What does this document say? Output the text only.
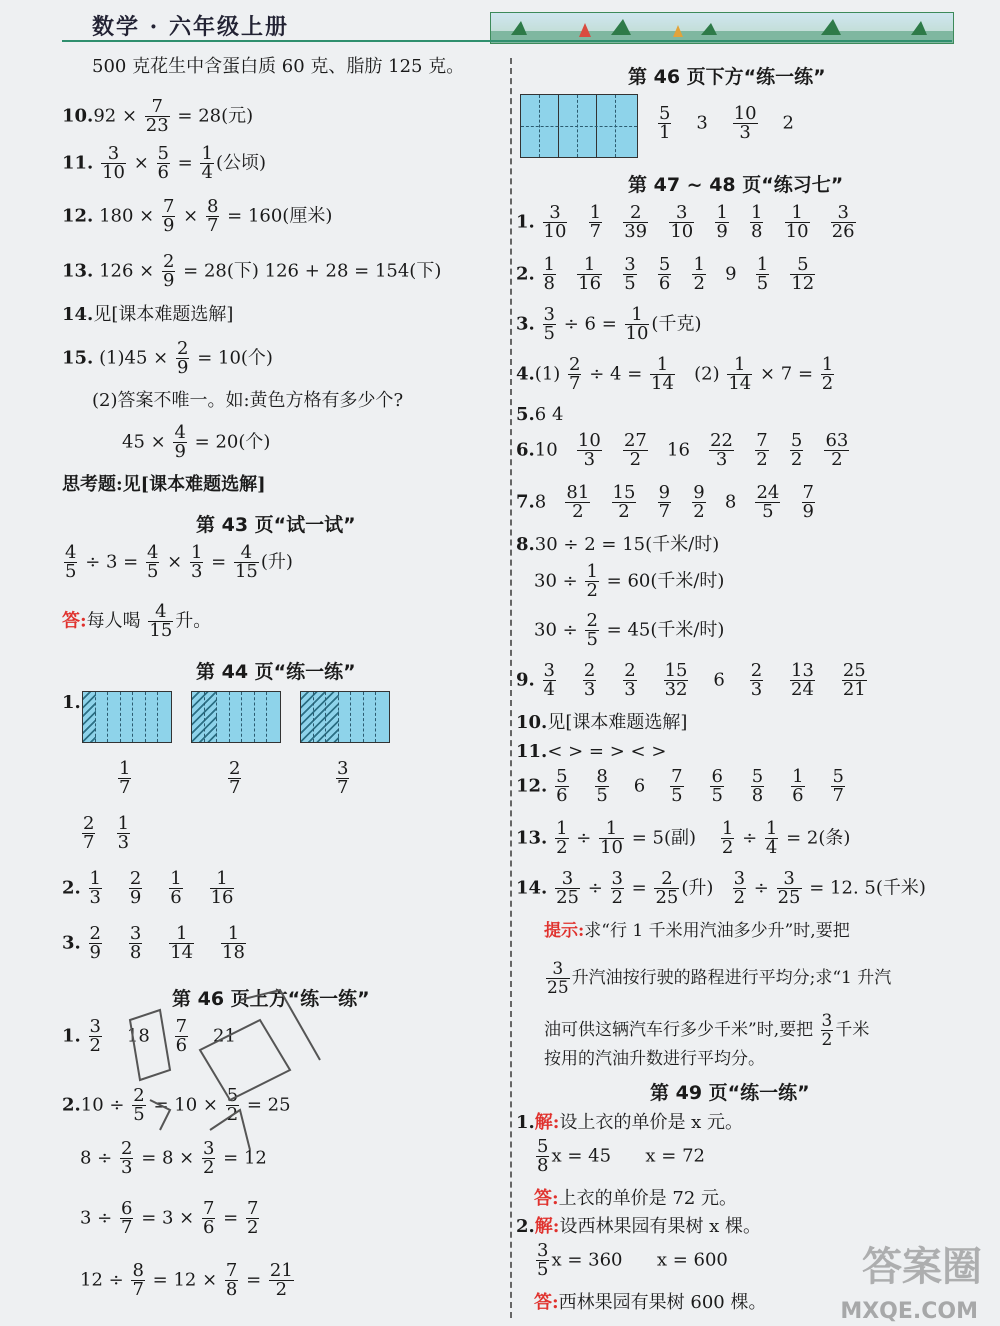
数学 · 六年级上册
500 克花生中含蛋白质 60 克、脂肪 125 克。
$10.92 \times \frac{7}{23} = 28$(元)
11. $\frac{3}{10} \times \frac{5}{6} = \frac{1}{4}$ (公顷)
12. $180 \times \frac{7}{9} \times \frac{8}{7} = 160$(厘米)
13. $126 \times \frac{2}{9} = 28$(下) 126 + 28 = 154(下)
14.见[课本难题选解]
15. $(1)45 \times \frac{2}{9} = 10$(个)
(2)答案不唯一。如:黄色方格有多少个?
$45 \times \frac{4}{9} = 20$(个)
思考题:见[课本难题选解]
第 43 页“试一试”
$\frac{4}{5} \div 3 = \frac{4}{5} \times \frac{1}{3} = \frac{4}{15}$ (升)
答:每人喝 $\frac{4}{15}$ 升。
第 44 页“练一练”
1.
$\frac{1}{7}$	$\frac{2}{7}$	$\frac{3}{7}$
$\frac{2}{7}$
$\frac{1}{3}$
2. $\frac{1}{3}$
$\frac{2}{9}$
$\frac{1}{6}$
$\frac{1}{16}$
3. $\frac{2}{9}$
$\frac{3}{8}$
$\frac{1}{14}$
$\frac{1}{18}$
第 46 页上方“练一练”
1. $\frac{3}{2} 18 \frac{7}{6} 21$
$2.10 \div \frac{2}{5} = 10 \times \frac{5}{2} = 25$
$8 \div \frac{2}{3} = 8 \times \frac{3}{2} = 12$
$3 \div \frac{6}{7} = 3 \times \frac{7}{6} = \frac{7}{2}$
$12 \div \frac{8}{7} = 12 \times \frac{7}{8} = \frac{21}{2}$
第 46 页下方“练一练”
$\frac{5}{1} 3 \frac{10}{3} 2$
第 47 ~ 48 页“练习七”
1. $\frac{3}{10}$
$\frac{1}{7}$
$\frac{2}{39}$
$\frac{3}{10}$
$\frac{1}{9}$
$\frac{1}{8}$
$\frac{1}{10}$
$\frac{3}{26}$
2. $\frac{1}{8}$
$\frac{1}{16}$
$\frac{3}{5}$
$\frac{5}{6}$
$\frac{1}{2} 9 \frac{1}{5}$
$\frac{5}{12}$
3. $\frac{3}{5} \div 6 = \frac{1}{10}$ (千克)
$4.(1) \frac{2}{7} \div 4 = \frac{1}{14} (2) \frac{1}{14} \times 7 = \frac{1}{2}$
5.6 4
$6.10 \frac{10}{3}$
$\frac{27}{2} 16 \frac{22}{3}$
$\frac{7}{2}$
$\frac{5}{2}$
$\frac{63}{2}$
$7.8 \frac{81}{2}$
$\frac{15}{2}$
$\frac{9}{7}$
$\frac{9}{2} 8 \frac{24}{5}$
$\frac{7}{9}$
8.30 ÷ 2 = 15(千米/时)
$30 \div \frac{1}{2} = 60$(千米/时)
$30 \div \frac{2}{5} = 45$(千米/时)
9. $\frac{3}{4}$
$\frac{2}{3}$
$\frac{2}{3}$
$\frac{15}{32} 6 \frac{2}{3}$
$\frac{13}{24}$
$\frac{25}{21}$
10.见[课本难题选解]
11.< > = > < >
12. $\frac{5}{6}$
$\frac{8}{5} 6 \frac{7}{5}$
$\frac{6}{5}$
$\frac{5}{8}$
$\frac{1}{6}$
$\frac{5}{7}$
13. $\frac{1}{2} \div \frac{1}{10} = 5$(副) $\frac{1}{2} \div \frac{1}{4} = 2$(条)
14. $\frac{3}{25} \div \frac{3}{2} = \frac{2}{25}$ (升) $\frac{3}{2} \div \frac{3}{25} = 12$. 5(千米)
提示:求“行 1 千米用汽油多少升”时,要把
$\frac{3}{25}$ 升汽油按行驶的路程进行平均分;求“1 升汽
油可供这辆汽车行多少千米”时,要把 $\frac{3}{2}$ 千米
按用的汽油升数进行平均分。
第 49 页“练一练”
1.解:设上衣的单价是 x 元。
$\frac{5}{8}$ x = 45 x = 72
答:上衣的单价是 72 元。
2.解:设西林果园有果树 x 棵。
$\frac{3}{5}$ x = 360 x = 600
答:西林果园有果树 600 棵。
答案圈
MXQE.COM
